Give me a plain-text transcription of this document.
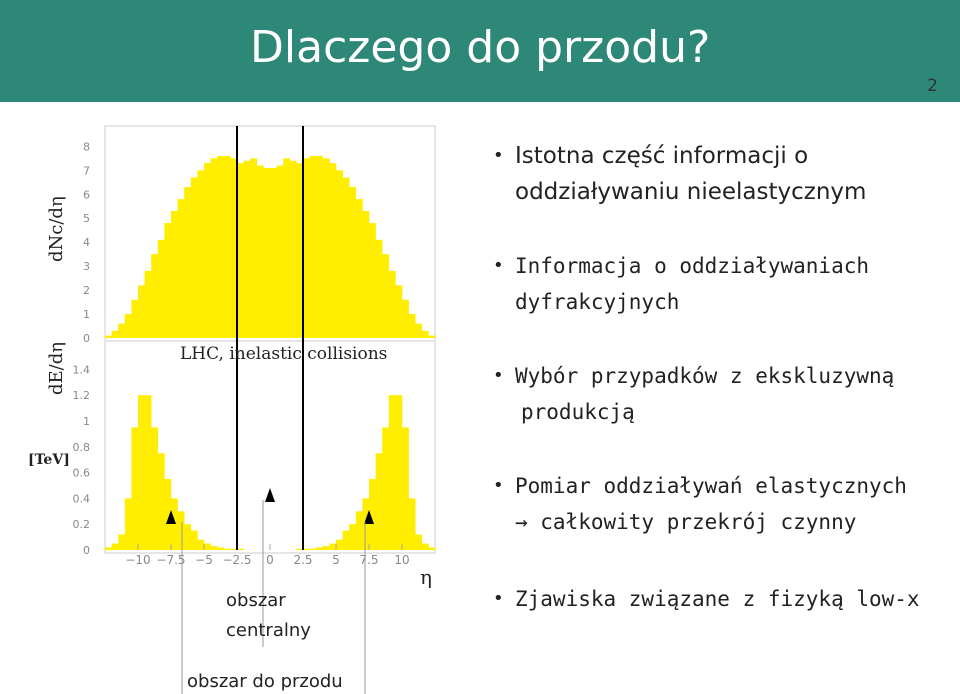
Dlaczego do przodu?
2
0
1
2
3
4
5
6
7
8
0
0.2
0.4
0.6
0.8
1
1.2
1.4
−10 −7.5 −5 −2.5 0 2.5 5 7.5 10
dNc/dη
dE/dη
[TeV]
LHC, inelastic collisions
η
obszar
centralny
obszar do przodu
• Istotna część informacji o
oddziaływaniu nieelastycznym
• Informacja o oddziaływaniach
dyfrakcyjnych
• Wybór przypadków z ekskluzywną
produkcją
• Pomiar oddziaływań elastycznych
→ całkowity przekrój czynny
• Zjawiska związane z fizyką low-x
